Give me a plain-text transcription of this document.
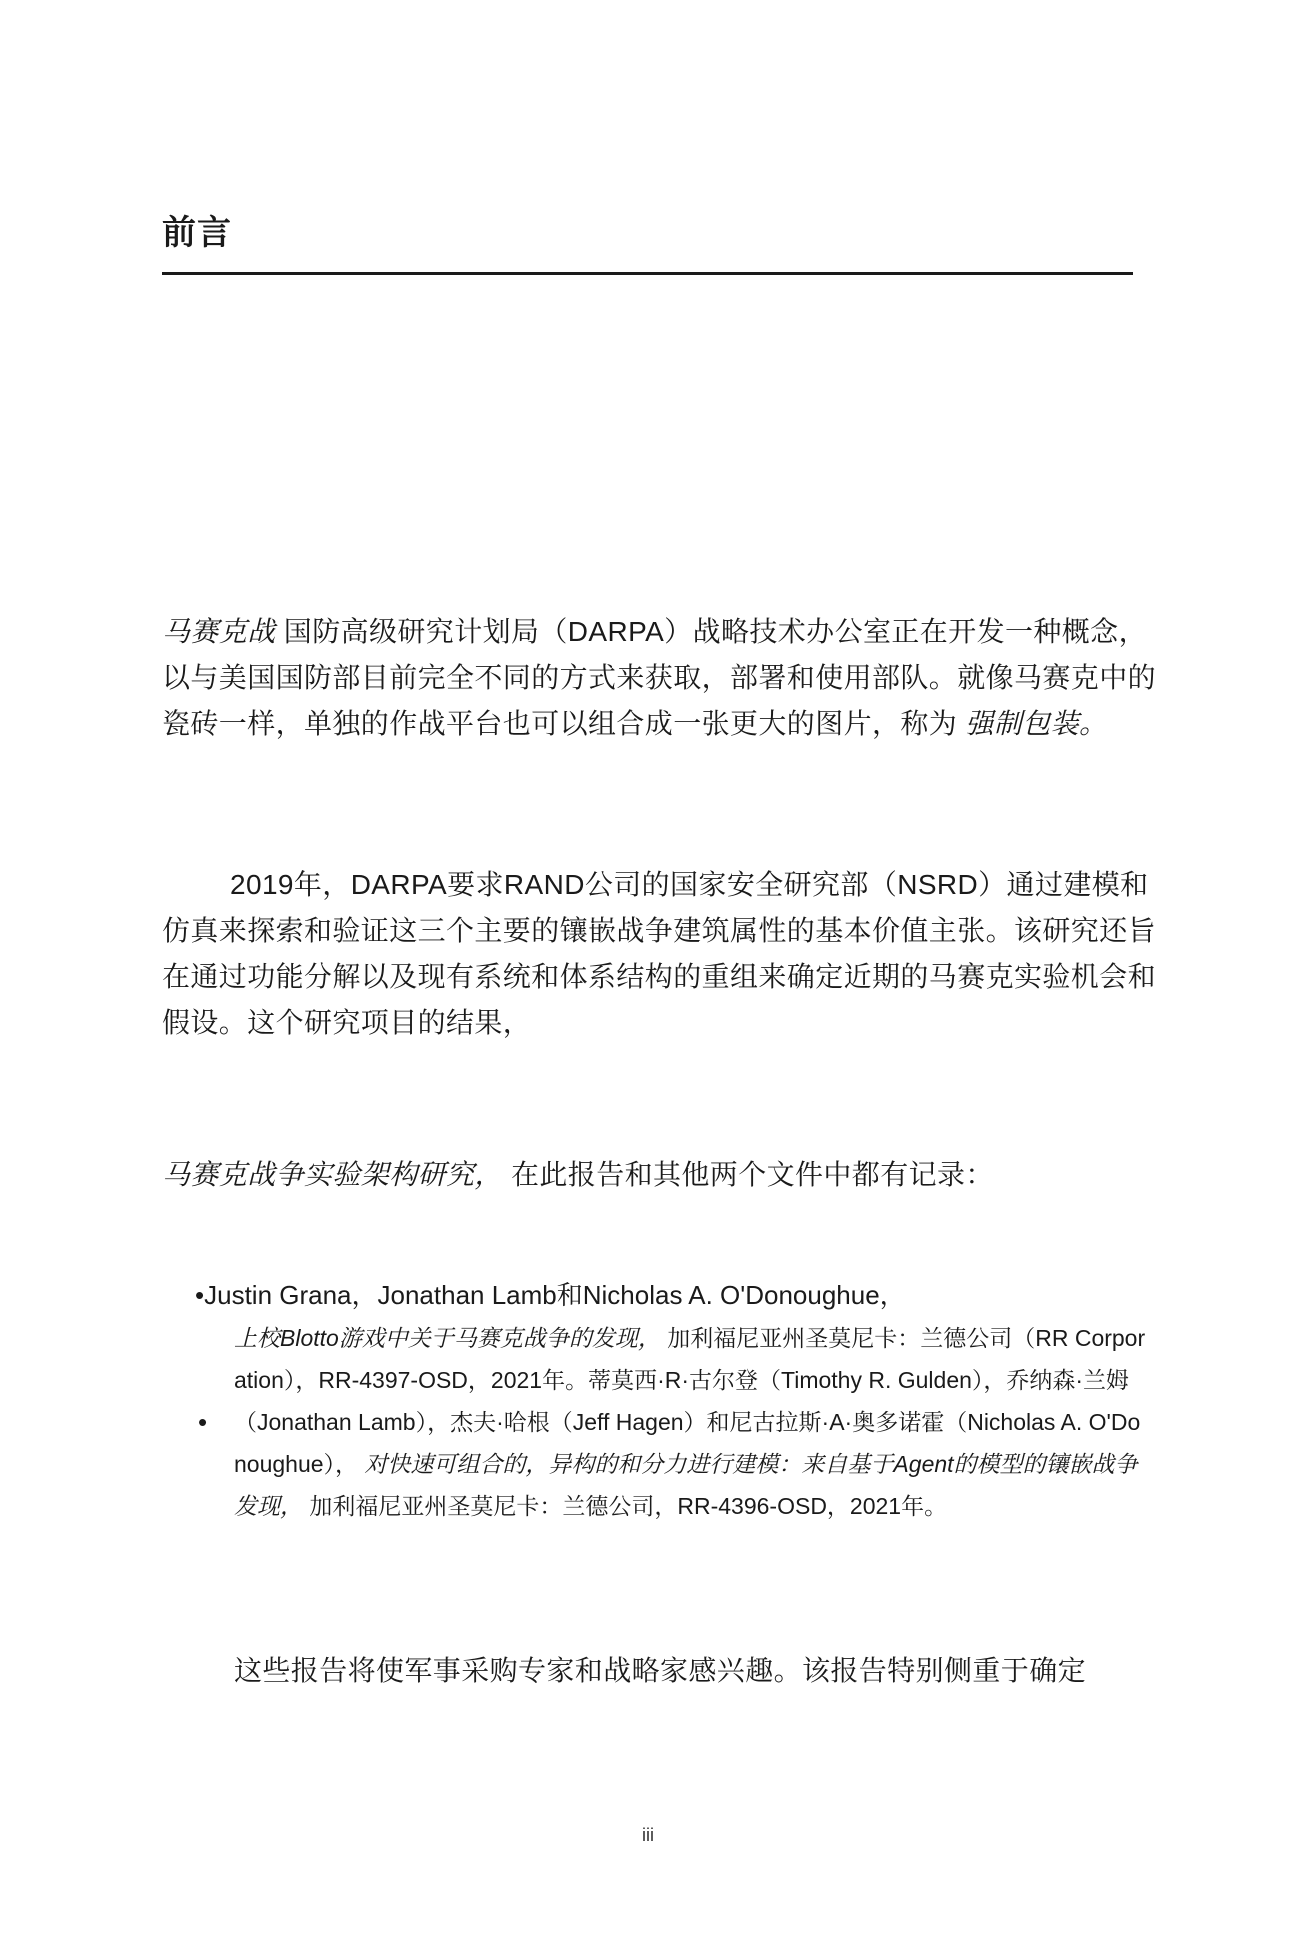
前言

马赛克战 国防高级研究计划局（DARPA）战略技术办公室正在开发一种概念，以与美国国防部目前完全不同的方式来获取，部署和使用部队。就像马赛克中的瓷砖一样，单独的作战平台也可以组合成一张更大的图片，称为 强制包装。

2019年，DARPA要求RAND公司的国家安全研究部（NSRD）通过建模和仿真来探索和验证这三个主要的镶嵌战争建筑属性的基本价值主张。该研究还旨在通过功能分解以及现有系统和体系结构的重组来确定近期的马赛克实验机会和假设。这个研究项目的结果，

马赛克战争实验架构研究， 在此报告和其他两个文件中都有记录：

•Justin Grana，Jonathan Lamb和Nicholas A. O'Donoughue，

上校Blotto游戏中关于马赛克战争的发现， 加利福尼亚州圣莫尼卡：兰德公司（RR Corporation），RR-4397-OSD，2021年。蒂莫西·R·古尔登（Timothy R. Gulden），乔纳森·兰姆（Jonathan Lamb），杰夫·哈根（Jeff Hagen）和尼古拉斯·A·奥多诺霍（Nicholas A. O'Donoughue）， 对快速可组合的，异构的和分力进行建模：来自基于Agent的模型的镶嵌战争发现， 加利福尼亚州圣莫尼卡：兰德公司，RR-4396-OSD，2021年。

•

这些报告将使军事采购专家和战略家感兴趣。该报告特别侧重于确定

iii
